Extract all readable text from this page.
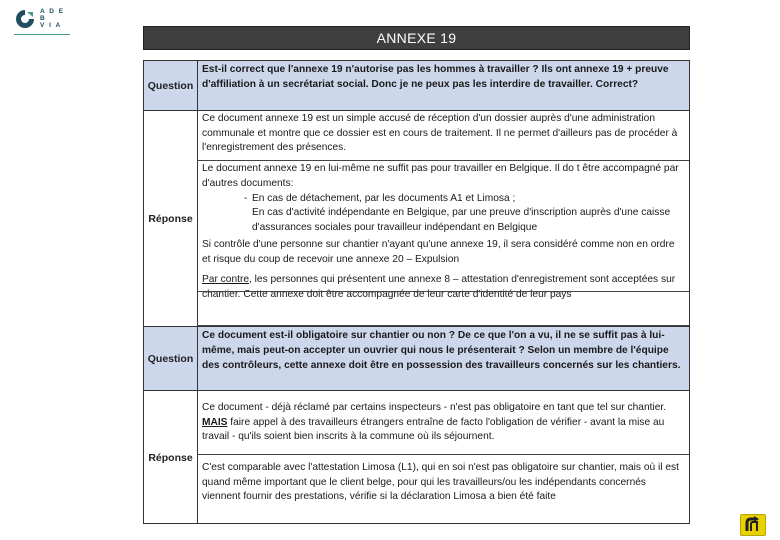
A D E B
V I A
ANNEXE 19
Question
Est-il correct que l'annexe 19 n'autorise pas les hommes à travailler ? Ils ont annexe 19 + preuve d'affiliation à un secrétariat social. Donc je ne peux pas les interdire de travailler. Correct?
Réponse
Ce document annexe 19 est un simple accusé de réception d'un dossier auprès d'une administration communale et montre que ce dossier est en cours de traitement. Il ne permet d'ailleurs pas de procéder à l'enregistrement des présences.
Le document annexe 19 en lui-même ne suffit pas pour travailler en Belgique. Il do t être accompagné par d'autres documents:
- En cas de détachement, par les documents A1 et Limosa ;
En cas d'activité indépendante en Belgique, par une preuve d'inscription auprès d'une caisse d'assurances sociales pour travailleur indépendant en Belgique
Si contrôle d'une personne sur chantier n'ayant qu'une annexe 19, il sera considéré comme non en ordre et risque du coup de recevoir une annexe 20 – Expulsion
Par contre, les personnes qui présentent une annexe 8 – attestation d'enregistrement sont acceptées sur chantier. Cette annexe doit être accompagnée de leur carte d'identité de leur pays
Question
Ce document est-il obligatoire sur chantier ou non ? De ce que l'on a vu, il ne se suffit pas à lui-même, mais peut-on accepter un ouvrier qui nous le présenterait ? Selon un membre de l'équipe des contrôleurs, cette annexe doit être en possession des travailleurs concernés sur les chantiers.
Réponse
Ce document - déjà réclamé par certains inspecteurs - n'est pas obligatoire en tant que tel sur chantier. MAIS faire appel à des travailleurs étrangers entraîne de facto l'obligation de vérifier - avant la mise au travail - qu'ils soient bien inscrits à la commune où ils séjournent.
C'est comparable avec l'attestation Limosa (L1), qui en soi n'est pas obligatoire sur chantier, mais où il est quand même important que le client belge, pour qui les travailleurs/ou les indépendants concernés viennent fournir des prestations, vérifie si la déclaration Limosa a bien été faite
